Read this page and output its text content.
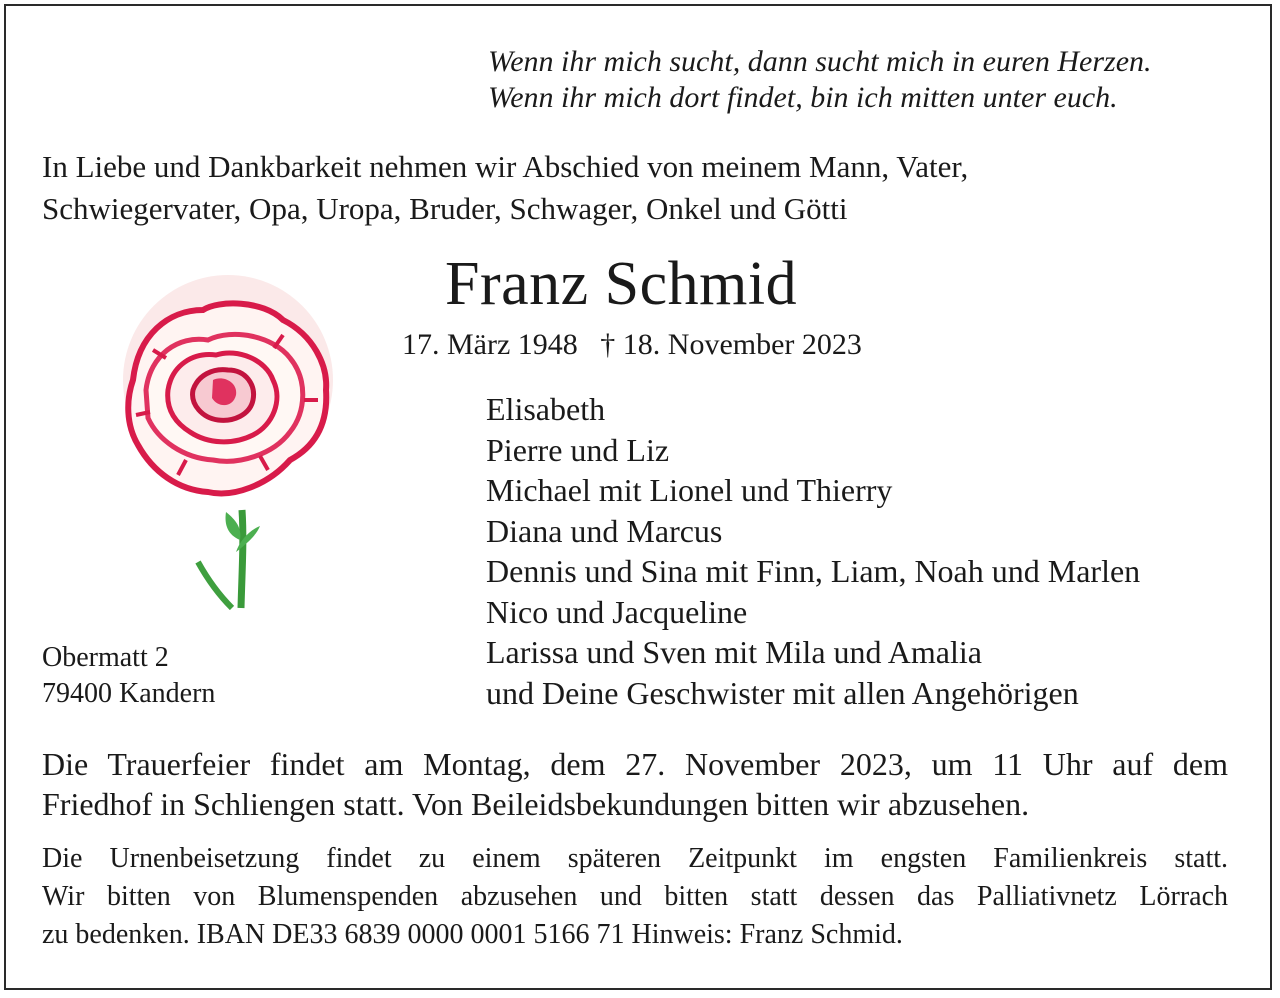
Wenn ihr mich sucht, dann sucht mich in euren Herzen.
Wenn ihr mich dort findet, bin ich mitten unter euch.
In Liebe und Dankbarkeit nehmen wir Abschied von meinem Mann, Vater,
Schwiegervater, Opa, Uropa, Bruder, Schwager, Onkel und Götti
Franz Schmid
17. März 1948 † 18. November 2023
Elisabeth
Pierre und Liz
Michael mit Lionel und Thierry
Diana und Marcus
Dennis und Sina mit Finn, Liam, Noah und Marlen
Nico und Jacqueline
Larissa und Sven mit Mila und Amalia
und Deine Geschwister mit allen Angehörigen
Obermatt 2
79400 Kandern
Die Trauerfeier findet am Montag, dem 27. November 2023, um 11 Uhr auf dem
Friedhof in Schliengen statt. Von Beileidsbekundungen bitten wir abzusehen.
Die Urnenbeisetzung findet zu einem späteren Zeitpunkt im engsten Familienkreis statt.
Wir bitten von Blumenspenden abzusehen und bitten statt dessen das Palliativnetz Lörrach
zu bedenken. IBAN DE33 6839 0000 0001 5166 71 Hinweis: Franz Schmid.
